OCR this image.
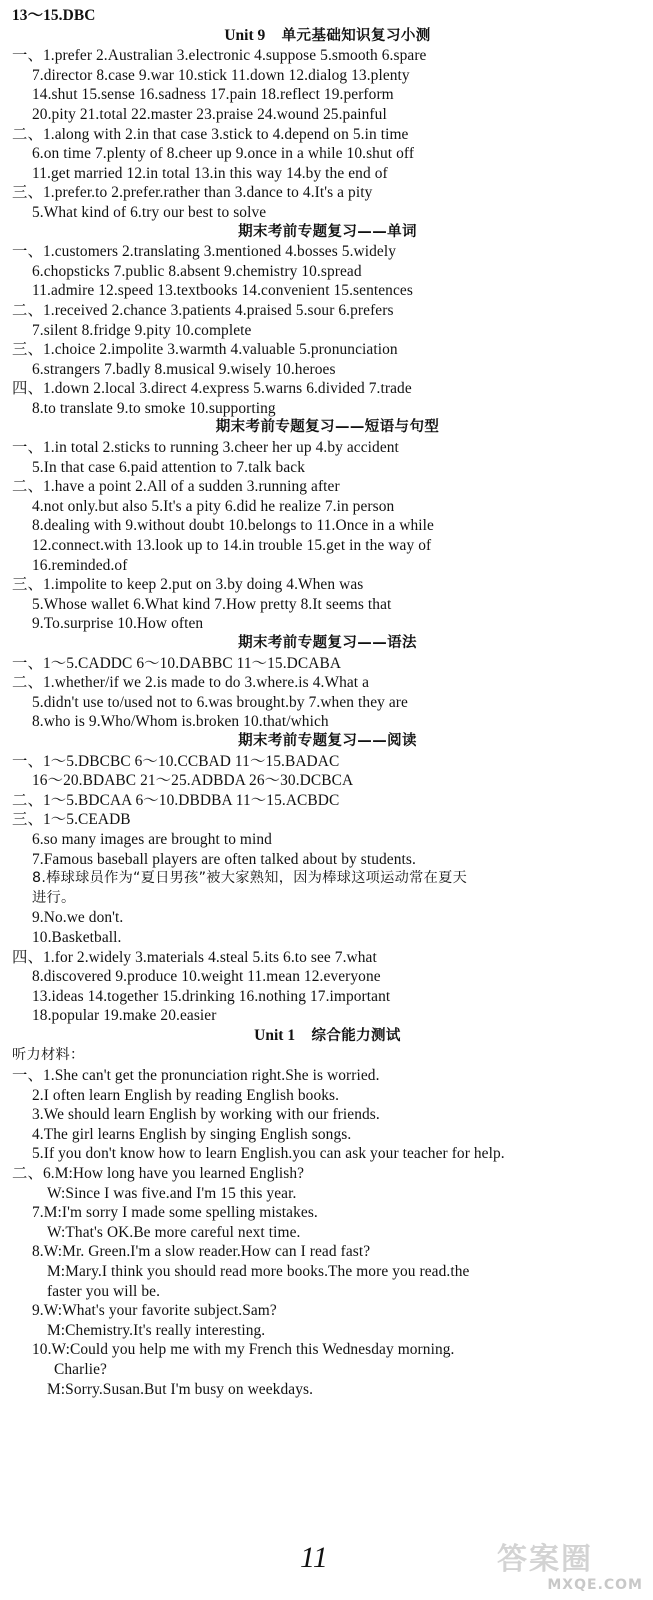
13～15.DBC
Unit 9 单元基础知识复习小测
一、1.prefer 2.Australian 3.electronic 4.suppose 5.smooth 6.spare
7.director 8.case 9.war 10.stick 11.down 12.dialog 13.plenty
14.shut 15.sense 16.sadness 17.pain 18.reflect 19.perform
20.pity 21.total 22.master 23.praise 24.wound 25.painful
二、1.along with 2.in that case 3.stick to 4.depend on 5.in time
6.on time 7.plenty of 8.cheer up 9.once in a while 10.shut off
11.get married 12.in total 13.in this way 14.by the end of
三、1.prefer.to 2.prefer.rather than 3.dance to 4.It's a pity
5.What kind of 6.try our best to solve
期末考前专题复习——单词
一、1.customers 2.translating 3.mentioned 4.bosses 5.widely
6.chopsticks 7.public 8.absent 9.chemistry 10.spread
11.admire 12.speed 13.textbooks 14.convenient 15.sentences
二、1.received 2.chance 3.patients 4.praised 5.sour 6.prefers
7.silent 8.fridge 9.pity 10.complete
三、1.choice 2.impolite 3.warmth 4.valuable 5.pronunciation
6.strangers 7.badly 8.musical 9.wisely 10.heroes
四、1.down 2.local 3.direct 4.express 5.warns 6.divided 7.trade
8.to translate 9.to smoke 10.supporting
期末考前专题复习——短语与句型
一、1.in total 2.sticks to running 3.cheer her up 4.by accident
5.In that case 6.paid attention to 7.talk back
二、1.have a point 2.All of a sudden 3.running after
4.not only.but also 5.It's a pity 6.did he realize 7.in person
8.dealing with 9.without doubt 10.belongs to 11.Once in a while
12.connect.with 13.look up to 14.in trouble 15.get in the way of
16.reminded.of
三、1.impolite to keep 2.put on 3.by doing 4.When was
5.Whose wallet 6.What kind 7.How pretty 8.It seems that
9.To.surprise 10.How often
期末考前专题复习——语法
一、1～5.CADDC 6～10.DABBC 11～15.DCABA
二、1.whether/if we 2.is made to do 3.where.is 4.What a
5.didn't use to/used not to 6.was brought.by 7.when they are
8.who is 9.Who/Whom is.broken 10.that/which
期末考前专题复习——阅读
一、1～5.DBCBC 6～10.CCBAD 11～15.BADAC
16～20.BDABC 21～25.ADBDA 26～30.DCBCA
二、1～5.BDCAA 6～10.DBDBA 11～15.ACBDC
三、1～5.CEADB
6.so many images are brought to mind
7.Famous baseball players are often talked about by students.
8.棒球球员作为“夏日男孩”被大家熟知，因为棒球这项运动常在夏天
进行。
9.No.we don't.
10.Basketball.
四、1.for 2.widely 3.materials 4.steal 5.its 6.to see 7.what
8.discovered 9.produce 10.weight 11.mean 12.everyone
13.ideas 14.together 15.drinking 16.nothing 17.important
18.popular 19.make 20.easier
Unit 1 综合能力测试
听力材料：
一、1.She can't get the pronunciation right.She is worried.
2.I often learn English by reading English books.
3.We should learn English by working with our friends.
4.The girl learns English by singing English songs.
5.If you don't know how to learn English.you can ask your teacher for help.
二、6.M:How long have you learned English?
W:Since I was five.and I'm 15 this year.
7.M:I'm sorry I made some spelling mistakes.
W:That's OK.Be more careful next time.
8.W:Mr. Green.I'm a slow reader.How can I read fast?
M:Mary.I think you should read more books.The more you read.the
faster you will be.
9.W:What's your favorite subject.Sam?
M:Chemistry.It's really interesting.
10.W:Could you help me with my French this Wednesday morning.
Charlie?
M:Sorry.Susan.But I'm busy on weekdays.
11	答案圈
MXQE.COM
